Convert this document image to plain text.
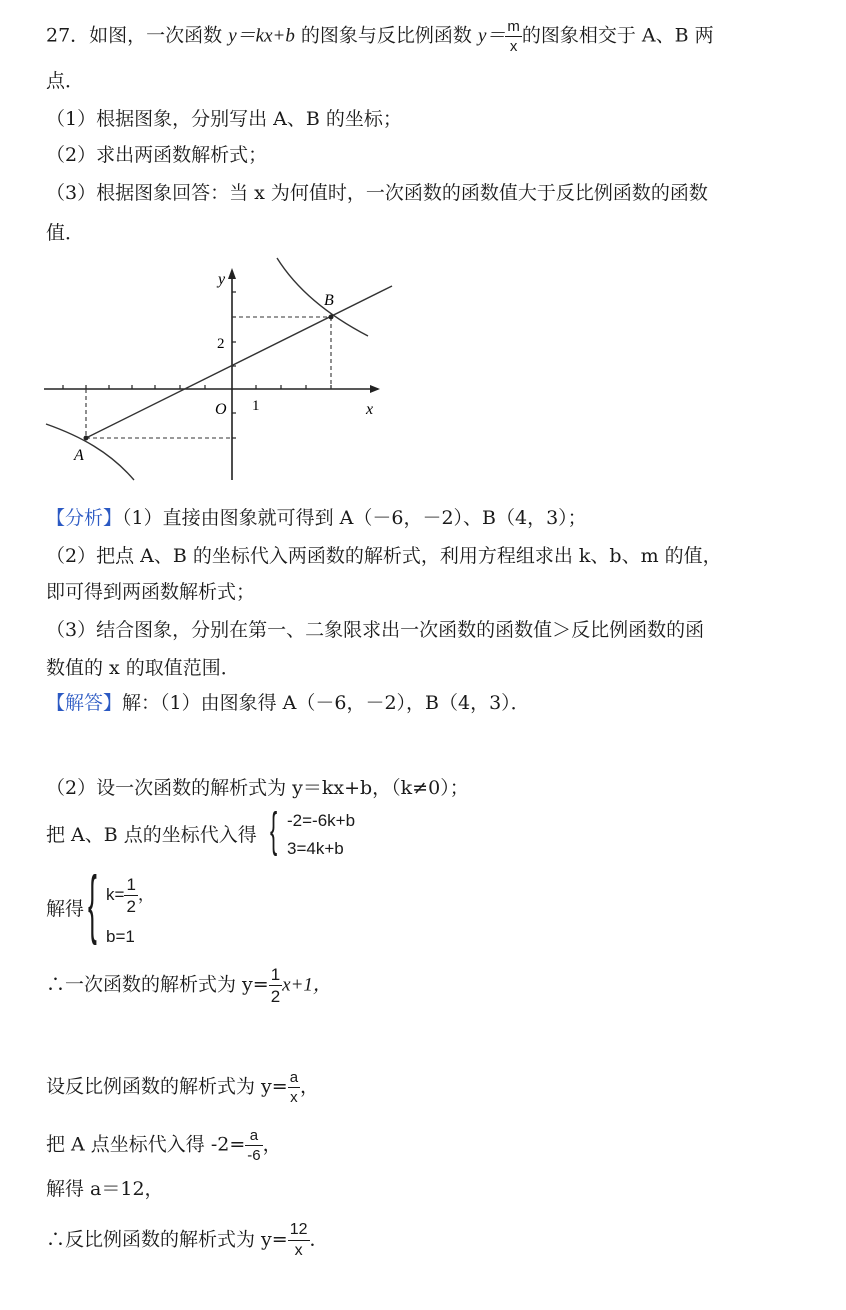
27．如图，一次函数 y＝kx+b 的图象与反比例函数 $y= \frac{m}{x}$ 的图象相交于 A、B 两
点．
（1）根据图象，分别写出 A、B 的坐标；
（2）求出两函数解析式；
（3）根据图象回答：当 x 为何值时，一次函数的函数值大于反比例函数的函数
值．
y
x
O 1
2
A
B
【分析】（1）直接由图象就可得到 A（－6，－2）、B（4，3）；
（2）把点 A、B 的坐标代入两函数的解析式，利用方程组求出 k、b、m 的值，
即可得到两函数解析式；
（3）结合图象，分别在第一、二象限求出一次函数的函数值＞反比例函数的函
数值的 x 的取值范围．
【解答】解：（1）由图象得 A（－6，－2），B（4，3）．
（2）设一次函数的解析式为 y＝kx+b，（k≠0）；
把 A、B 点的坐标代入得 { -2=-6k+b
3=4k+b
解得 { $k= \frac{1}{2}$ ，
b=1
∴一次函数的解析式为 $y= \frac{1}{2} x+1$，
设反比例函数的解析式为 $y= \frac{a}{x}$ ，
把 A 点坐标代入得 $-2= \frac{a}{-6}$ ，
解得 a＝12，
∴反比例函数的解析式为 $y= \frac{12}{x}$ ．
